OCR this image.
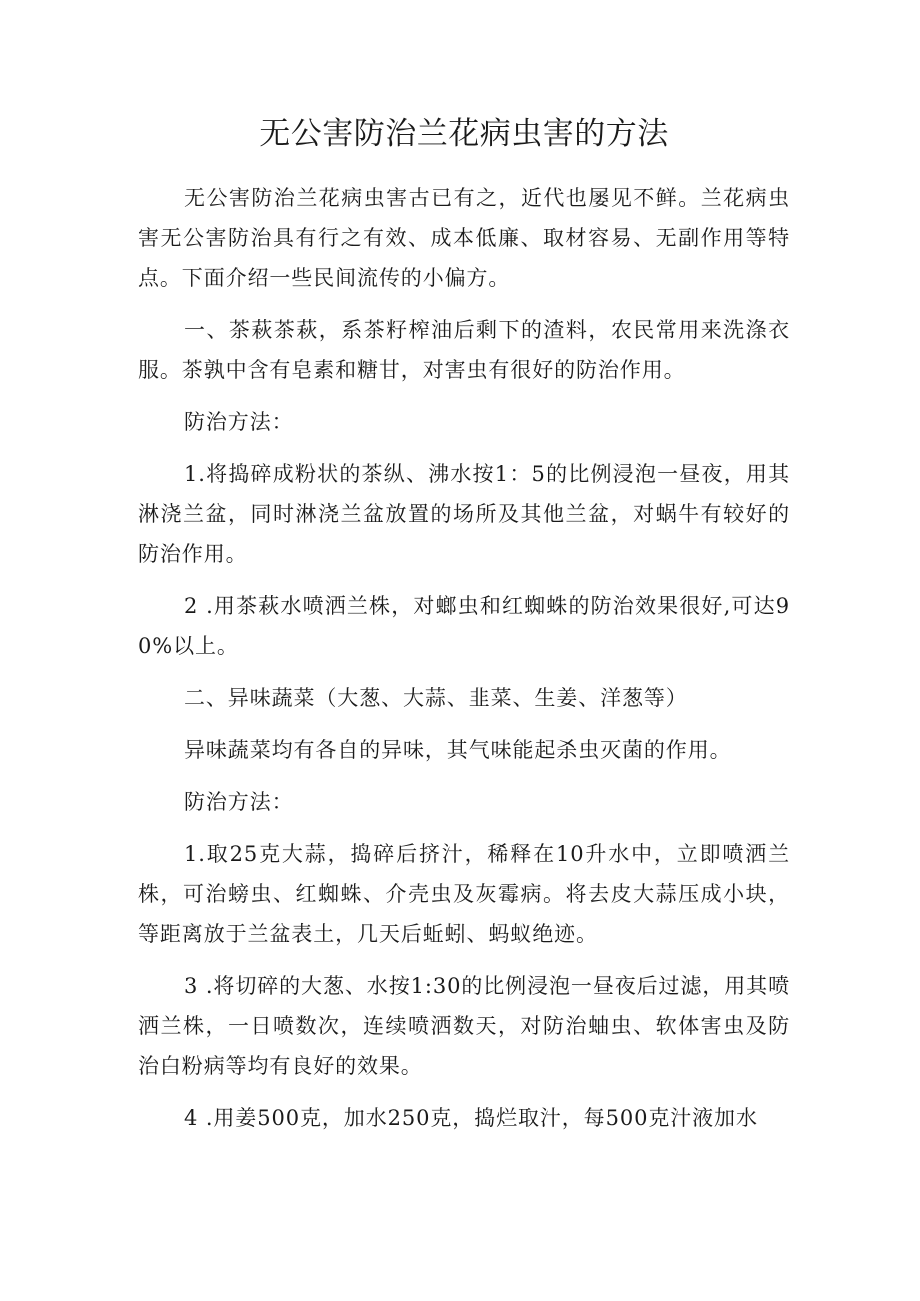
无公害防治兰花病虫害的方法

无公害防治兰花病虫害古已有之，近代也屡见不鲜。兰花病虫害无公害防治具有行之有效、成本低廉、取材容易、无副作用等特点。下面介绍一些民间流传的小偏方。

一、茶萩茶萩，系茶籽榨油后剩下的渣料，农民常用来洗涤衣服。茶孰中含有皂素和糖甘，对害虫有很好的防治作用。

防治方法：

1.将捣碎成粉状的茶纵、沸水按1：5的比例浸泡一昼夜，用其淋浇兰盆，同时淋浇兰盆放置的场所及其他兰盆，对蜗牛有较好的防治作用。

2 .用茶萩水喷洒兰株，对螂虫和红蜘蛛的防治效果很好,可达90%以上。

二、异味蔬菜（大葱、大蒜、韭菜、生姜、洋葱等）

异味蔬菜均有各自的异味，其气味能起杀虫灭菌的作用。

防治方法：

1.取25克大蒜，捣碎后挤汁，稀释在10升水中，立即喷洒兰株，可治螃虫、红蜘蛛、介壳虫及灰霉病。将去皮大蒜压成小块，等距离放于兰盆表土，几天后蚯蚓、蚂蚁绝迹。

3 .将切碎的大葱、水按1:30的比例浸泡一昼夜后过滤，用其喷洒兰株，一日喷数次，连续喷洒数天，对防治蚰虫、软体害虫及防治白粉病等均有良好的效果。

4 .用姜500克，加水250克，捣烂取汁，每500克汁液加水
